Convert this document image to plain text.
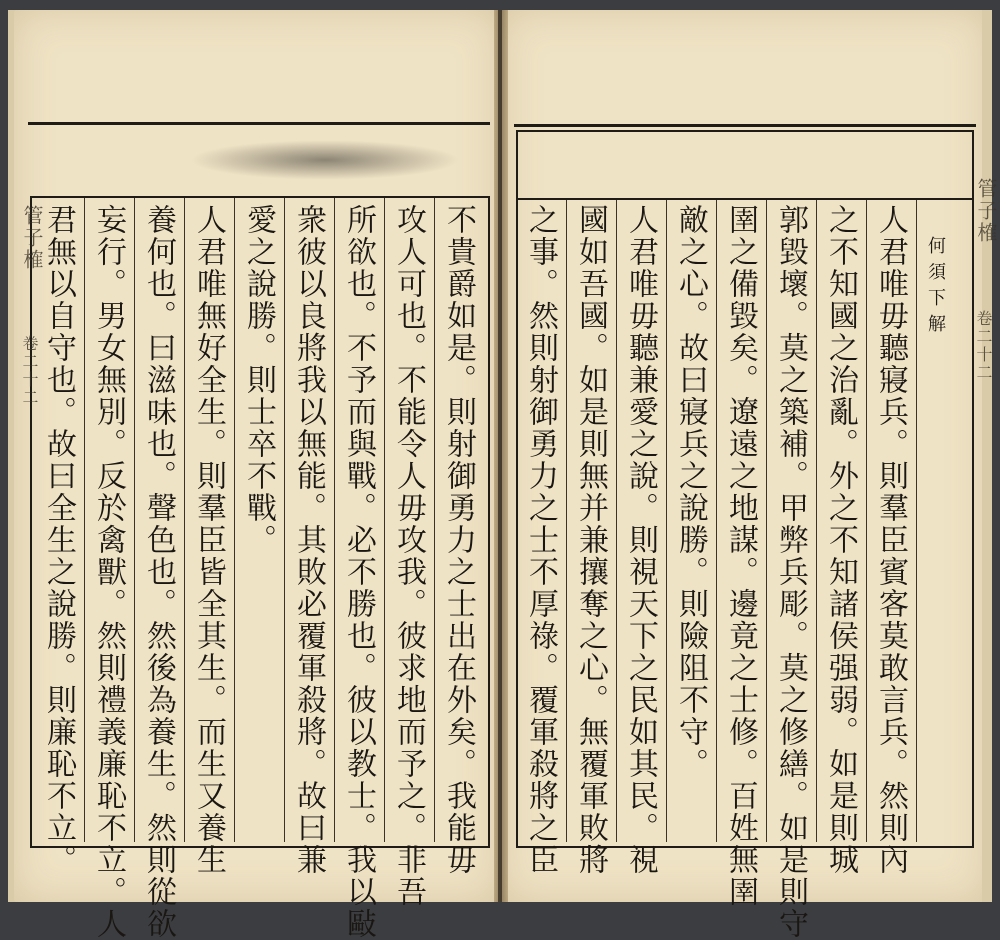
管子榷
卷二十二
管子榷
卷二十二
不貴爵如是。則射御勇力之士出在外矣。我能毋
攻人可也。不能令人毋攻我。彼求地而予之。非吾
所欲也。不予而與戰。必不勝也。彼以教士。我以敺
衆彼以良將我以無能。其敗必覆軍殺將。故曰兼
愛之說勝。則士卒不戰。
人君唯無好全生。則羣臣皆全其生。而生又養生
養何也。曰滋味也。聲色也。然後為養生。然則從欲
妄行。男女無別。反於禽獸。然則禮義廉恥不立。人
君無以自守也。故曰全生之說勝。則廉恥不立。	何須下解
人君唯毋聽寢兵。則羣臣賓客莫敢言兵。然則內
之不知國之治亂。外之不知諸侯强弱。如是則城
郭毀壞。莫之築補。甲弊兵彫。莫之修繕。如是則守
圉之備毀矣。遼遠之地謀。邊竟之士修。百姓無圉
敵之心。故曰寢兵之說勝。則險阻不守。
人君唯毋聽兼愛之說。則視天下之民如其民。視
國如吾國。如是則無并兼攘奪之心。無覆軍敗將
之事。然則射御勇力之士不厚祿。覆軍殺將之臣
